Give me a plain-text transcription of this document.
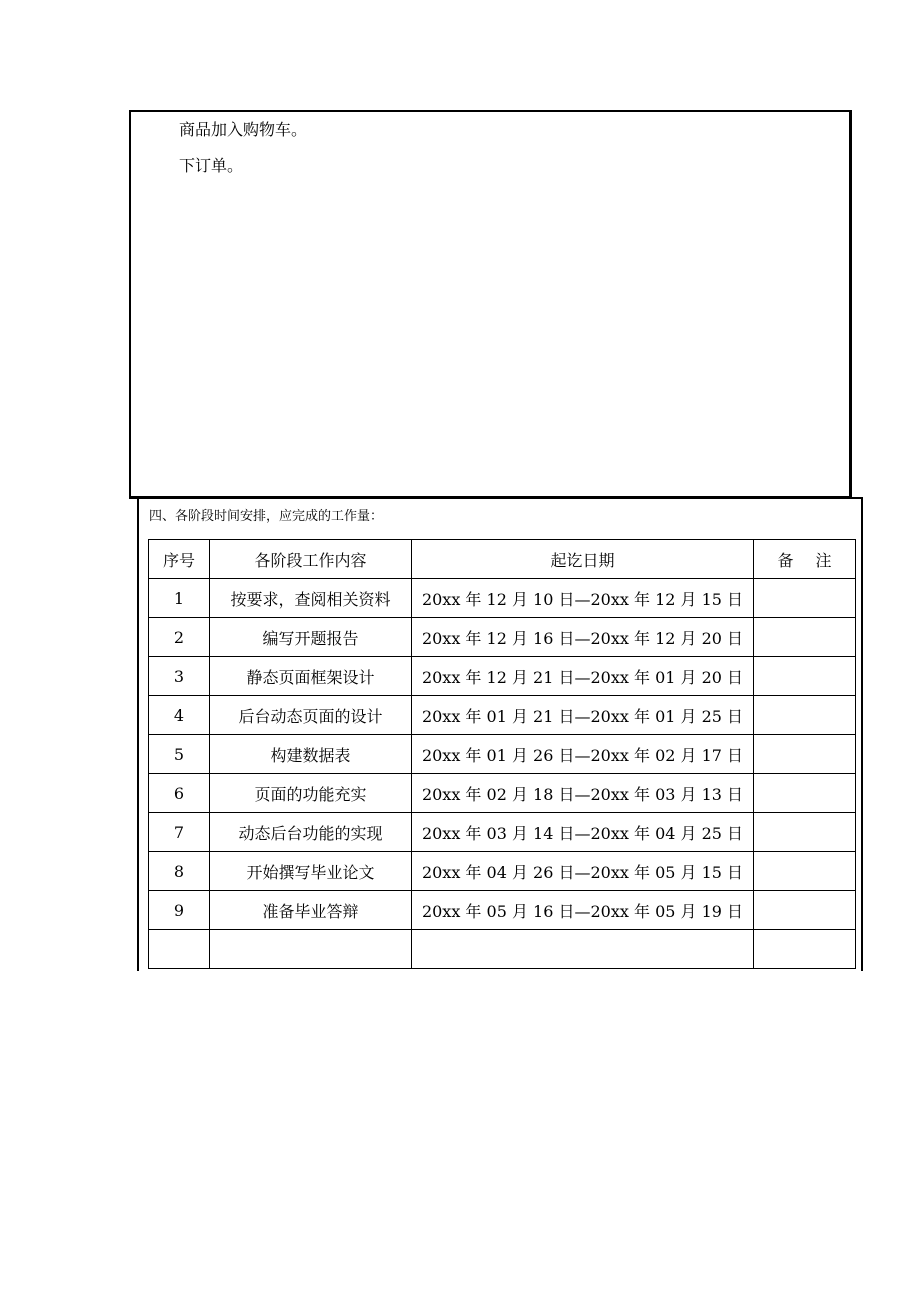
商品加入购物车。
下订单。
四、各阶段时间安排，应完成的工作量：
序号	各阶段工作内容	起讫日期	备注
1	按要求，查阅相关资料	20xx 年 12 月 10 日—20xx 年 12 月 15 日	
2	编写开题报告	20xx 年 12 月 16 日—20xx 年 12 月 20 日	
3	静态页面框架设计	20xx 年 12 月 21 日—20xx 年 01 月 20 日	
4	后台动态页面的设计	20xx 年 01 月 21 日—20xx 年 01 月 25 日	
5	构建数据表	20xx 年 01 月 26 日—20xx 年 02 月 17 日	
6	页面的功能充实	20xx 年 02 月 18 日—20xx 年 03 月 13 日	
7	动态后台功能的实现	20xx 年 03 月 14 日—20xx 年 04 月 25 日	
8	开始撰写毕业论文	20xx 年 04 月 26 日—20xx 年 05 月 15 日	
9	准备毕业答辩	20xx 年 05 月 16 日—20xx 年 05 月 19 日	
